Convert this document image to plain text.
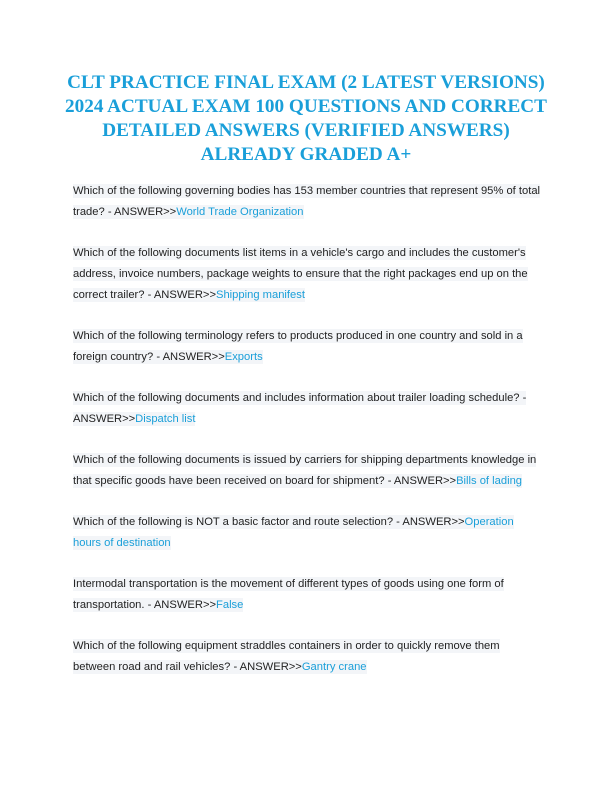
CLT PRACTICE FINAL EXAM (2 LATEST VERSIONS) 2024 ACTUAL EXAM 100 QUESTIONS AND CORRECT DETAILED ANSWERS (VERIFIED ANSWERS) ALREADY GRADED A+

Which of the following governing bodies has 153 member countries that represent 95% of total trade? - ANSWER>>World Trade Organization

Which of the following documents list items in a vehicle's cargo and includes the customer's address, invoice numbers, package weights to ensure that the right packages end up on the correct trailer? - ANSWER>>Shipping manifest

Which of the following terminology refers to products produced in one country and sold in a foreign country? - ANSWER>>Exports

Which of the following documents and includes information about trailer loading schedule? - ANSWER>>Dispatch list

Which of the following documents is issued by carriers for shipping departments knowledge in that specific goods have been received on board for shipment? - ANSWER>>Bills of lading

Which of the following is NOT a basic factor and route selection? - ANSWER>>Operation hours of destination

Intermodal transportation is the movement of different types of goods using one form of transportation. - ANSWER>>False

Which of the following equipment straddles containers in order to quickly remove them between road and rail vehicles? - ANSWER>>Gantry crane
